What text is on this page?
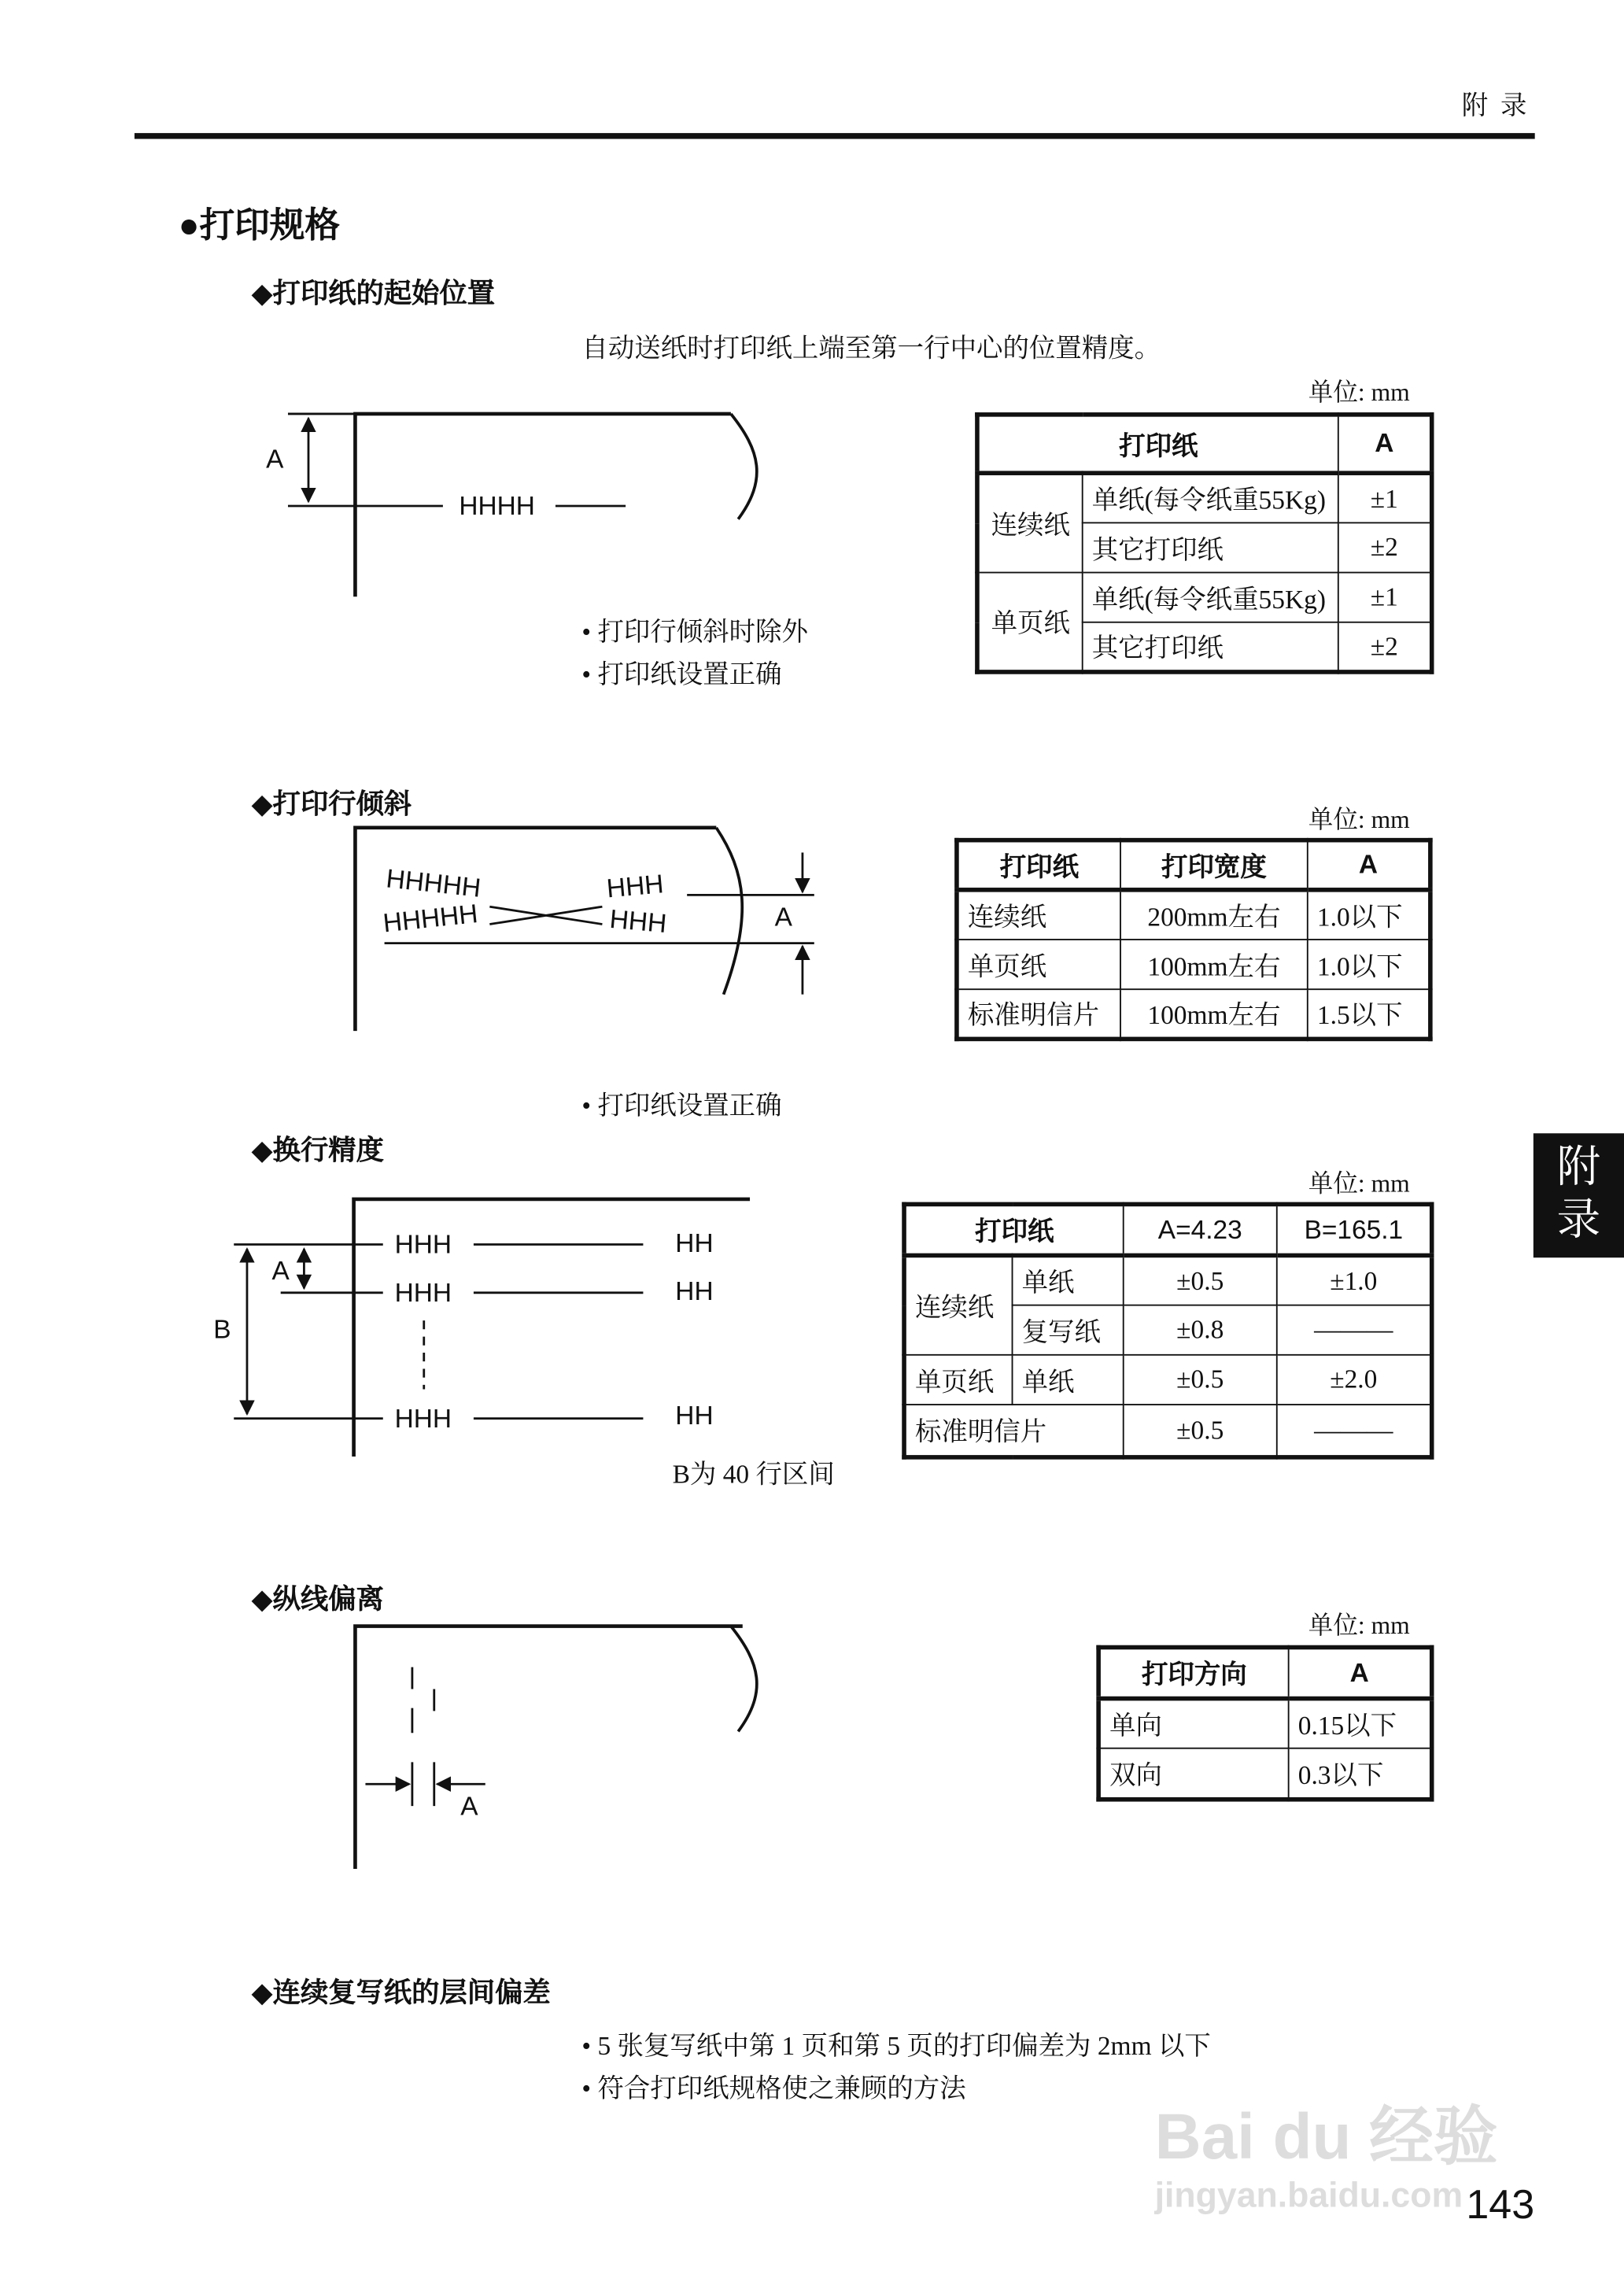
附 录
附录
●打印规格
◆打印纸的起始位置
自动送纸时打印纸上端至第一行中心的位置精度。
单位: mm
A
HHHH
• 打印行倾斜时除外
• 打印纸设置正确
打印纸		A
连续纸	单纸(每令纸重55Kg)	±1
	其它打印纸	±2
单页纸	单纸(每令纸重55Kg)	±1
	其它打印纸	±2
◆打印行倾斜	单位: mm
HHHHH
HHHHH
HHH
HHH	A
• 打印纸设置正确
打印纸	打印宽度	A
连续纸	200mm左右	1.0以下
单页纸	100mm左右	1.0以下
标准明信片	100mm左右	1.5以下
◆换行精度
单位: mm
HHH
HHH
HHH
HH
HH
HH
A
B
B为 40 行区间
打印纸		A=4.23	B=165.1
连续纸	单纸	±0.5	±1.0
	复写纸	±0.8	———
单页纸	单纸	±0.5	±2.0
标准明信片		±0.5	———
◆纵线偏离
单位: mm
A
打印方向	A
单向	0.15以下
双向	0.3以下
◆连续复写纸的层间偏差
• 5 张复写纸中第 1 页和第 5 页的打印偏差为 2mm 以下
• 符合打印纸规格使之兼顾的方法
Bai du 经验
jingyan.baidu.com 143
